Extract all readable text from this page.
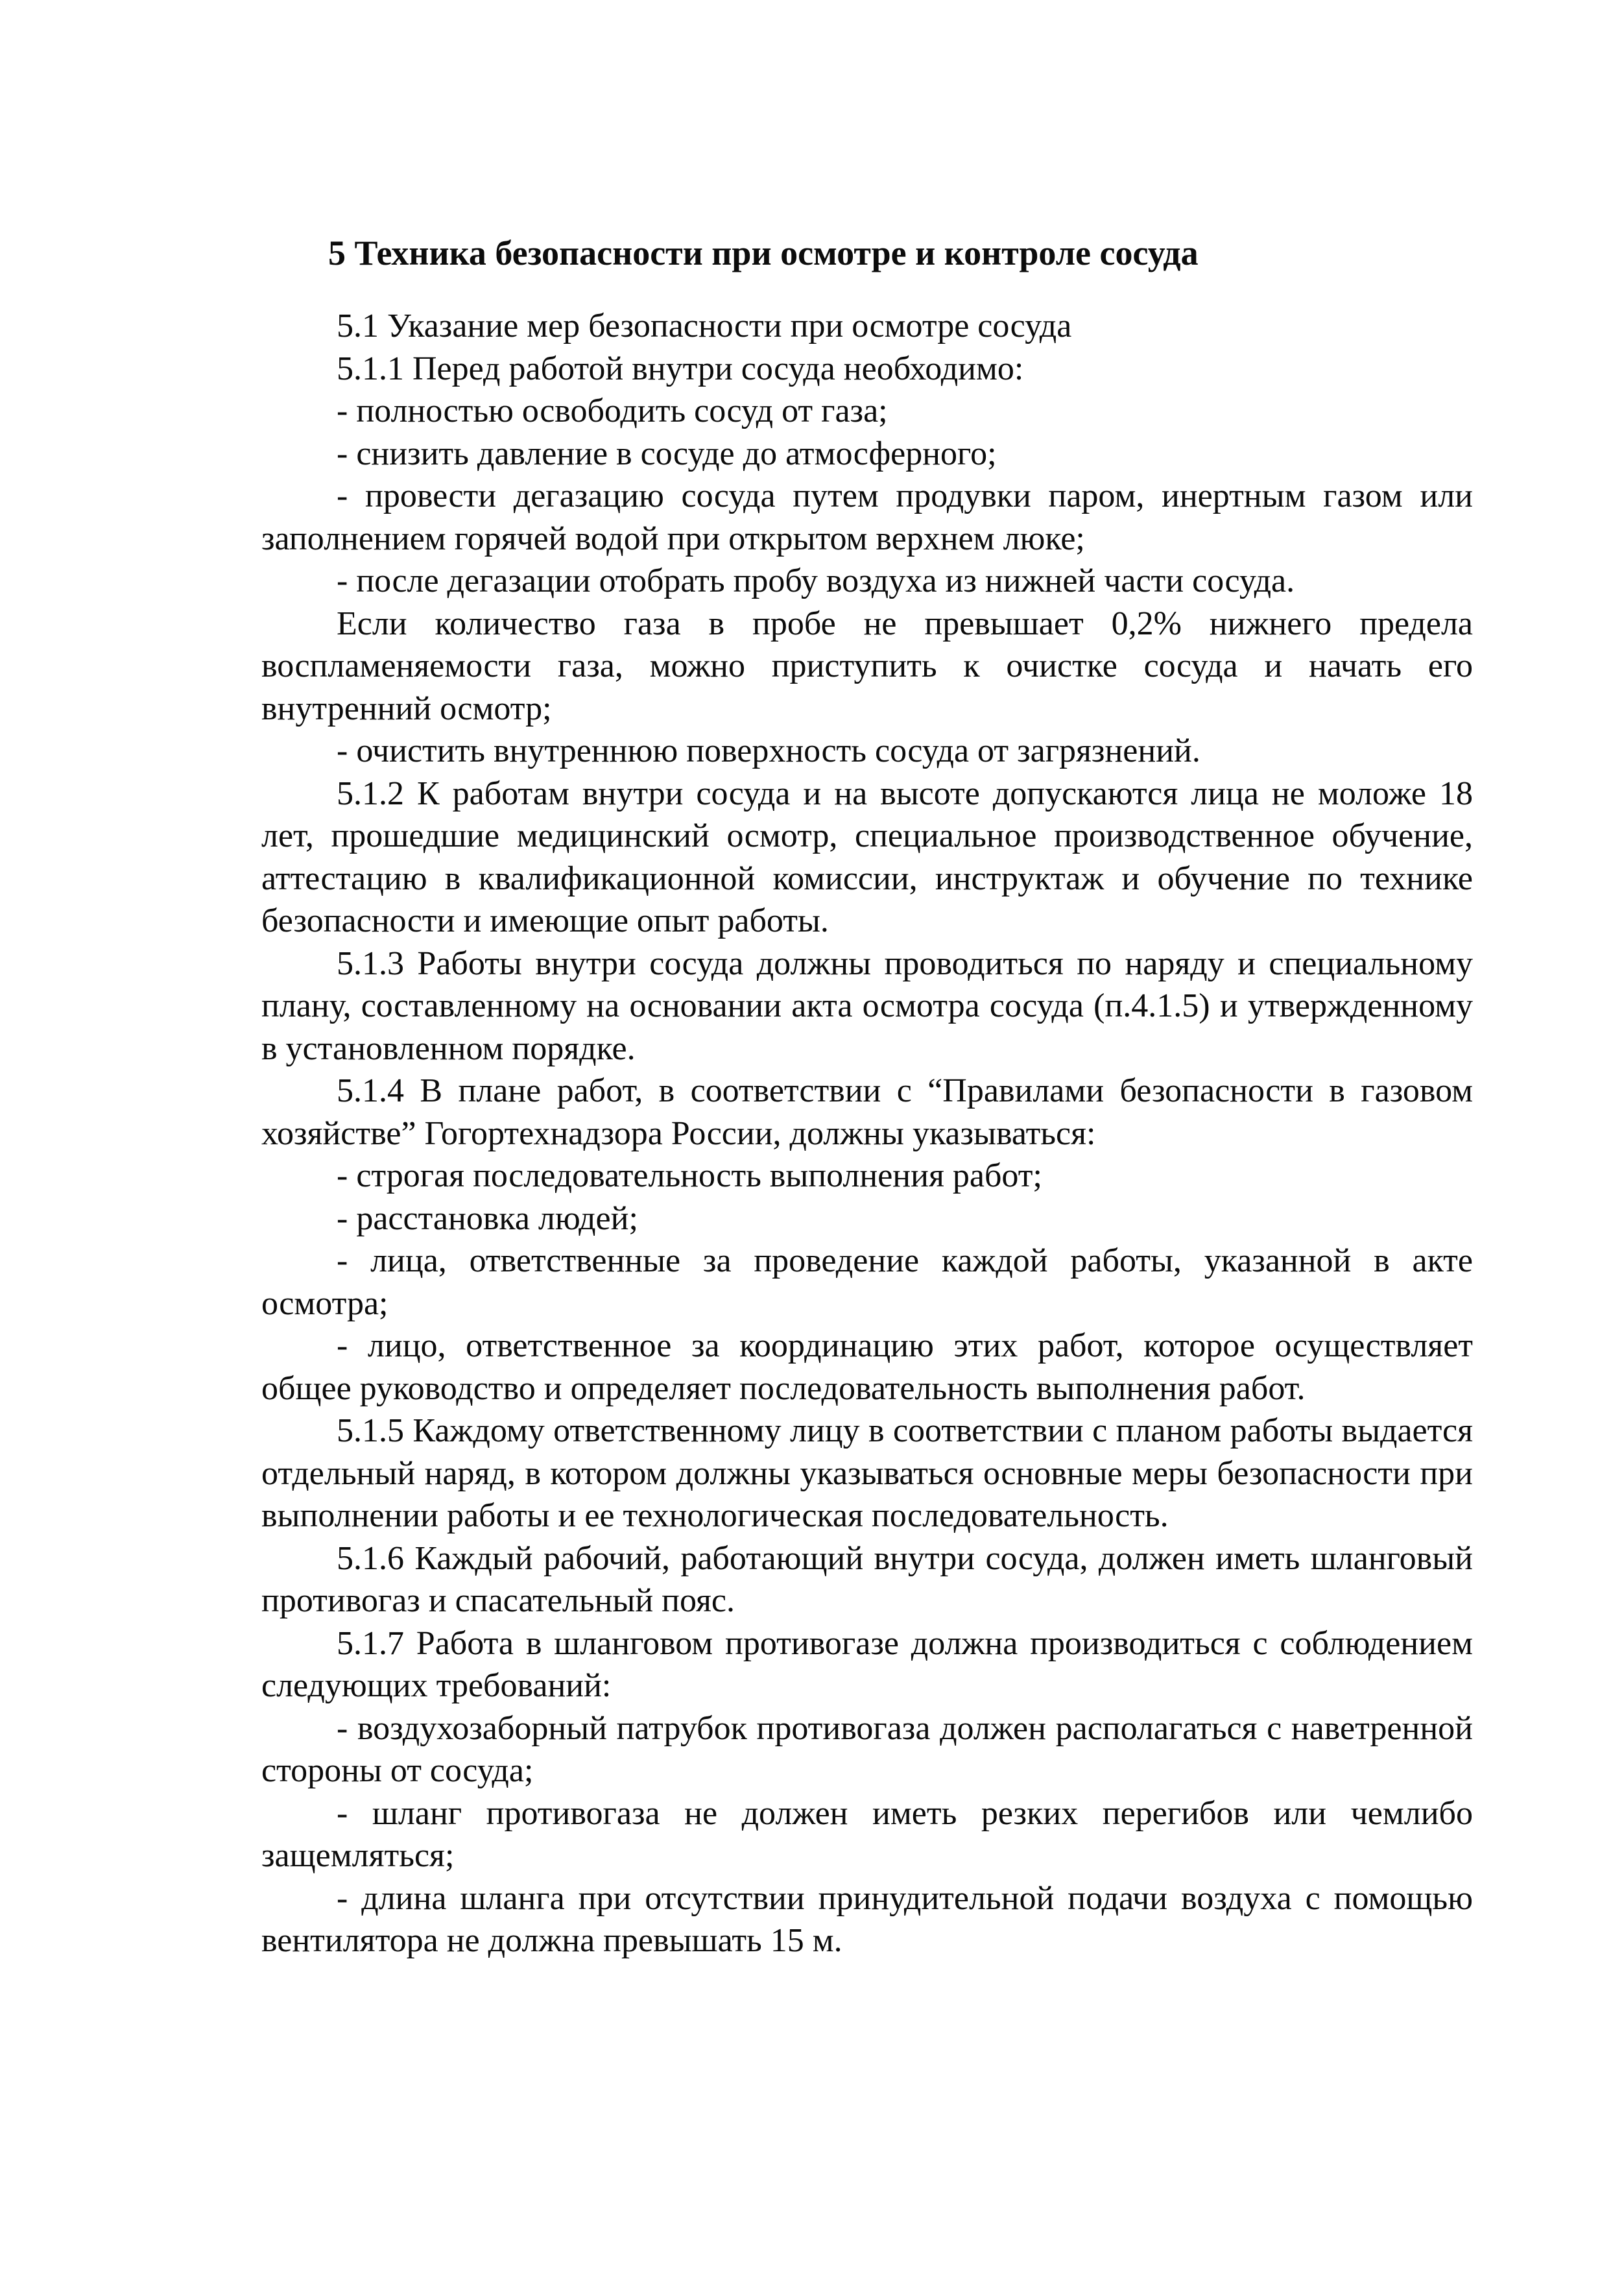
5 Техника безопасности при осмотре и контроле сосуда

5.1 Указание мер безопасности при осмотре сосуда

5.1.1 Перед работой внутри сосуда необходимо:

- полностью освободить сосуд от газа;

- снизить давление в сосуде до атмосферного;

- провести дегазацию сосуда путем продувки паром, инертным газом или заполнением горячей водой при открытом верхнем люке;

- после дегазации отобрать пробу воздуха из нижней части сосуда.

Если количество газа в пробе не превышает 0,2% нижнего предела воспламеняемости газа, можно приступить к очистке сосуда и начать его внутренний осмотр;

- очистить внутреннюю поверхность сосуда от загрязнений.

5.1.2 К работам внутри сосуда и на высоте допускаются лица не моложе 18 лет, прошедшие медицинский осмотр, специальное производственное обучение, аттестацию в квалификационной комиссии, инструктаж и обучение по технике безопасности и имеющие опыт работы.

5.1.3 Работы внутри сосуда должны проводиться по наряду и специальному плану, составленному на основании акта осмотра сосуда (п.4.1.5) и утвержденному в установленном порядке.

5.1.4 В плане работ, в соответствии с “Правилами безопасности в газовом хозяйстве” Гогортехнадзора России, должны указываться:

- строгая последовательность выполнения работ;

- расстановка людей;

- лица, ответственные за проведение каждой работы, указанной в акте осмотра;

- лицо, ответственное за координацию этих работ, которое осуществляет общее руководство и определяет последовательность выполнения работ.

5.1.5 Каждому ответственному лицу в соответствии с планом работы выдается отдельный наряд, в котором должны указываться основные меры безопасности при выполнении работы и ее технологическая последовательность.

5.1.6 Каждый рабочий, работающий внутри сосуда, должен иметь шланговый противогаз и спасательный пояс.

5.1.7 Работа в шланговом противогазе должна производиться с соблюдением следующих требований:

- воздухозаборный патрубок противогаза должен располагаться с наветренной стороны от сосуда;

- шланг противогаза не должен иметь резких перегибов или чемлибо защемляться;

- длина шланга при отсутствии принудительной подачи воздуха с помощью вентилятора не должна превышать 15 м.
